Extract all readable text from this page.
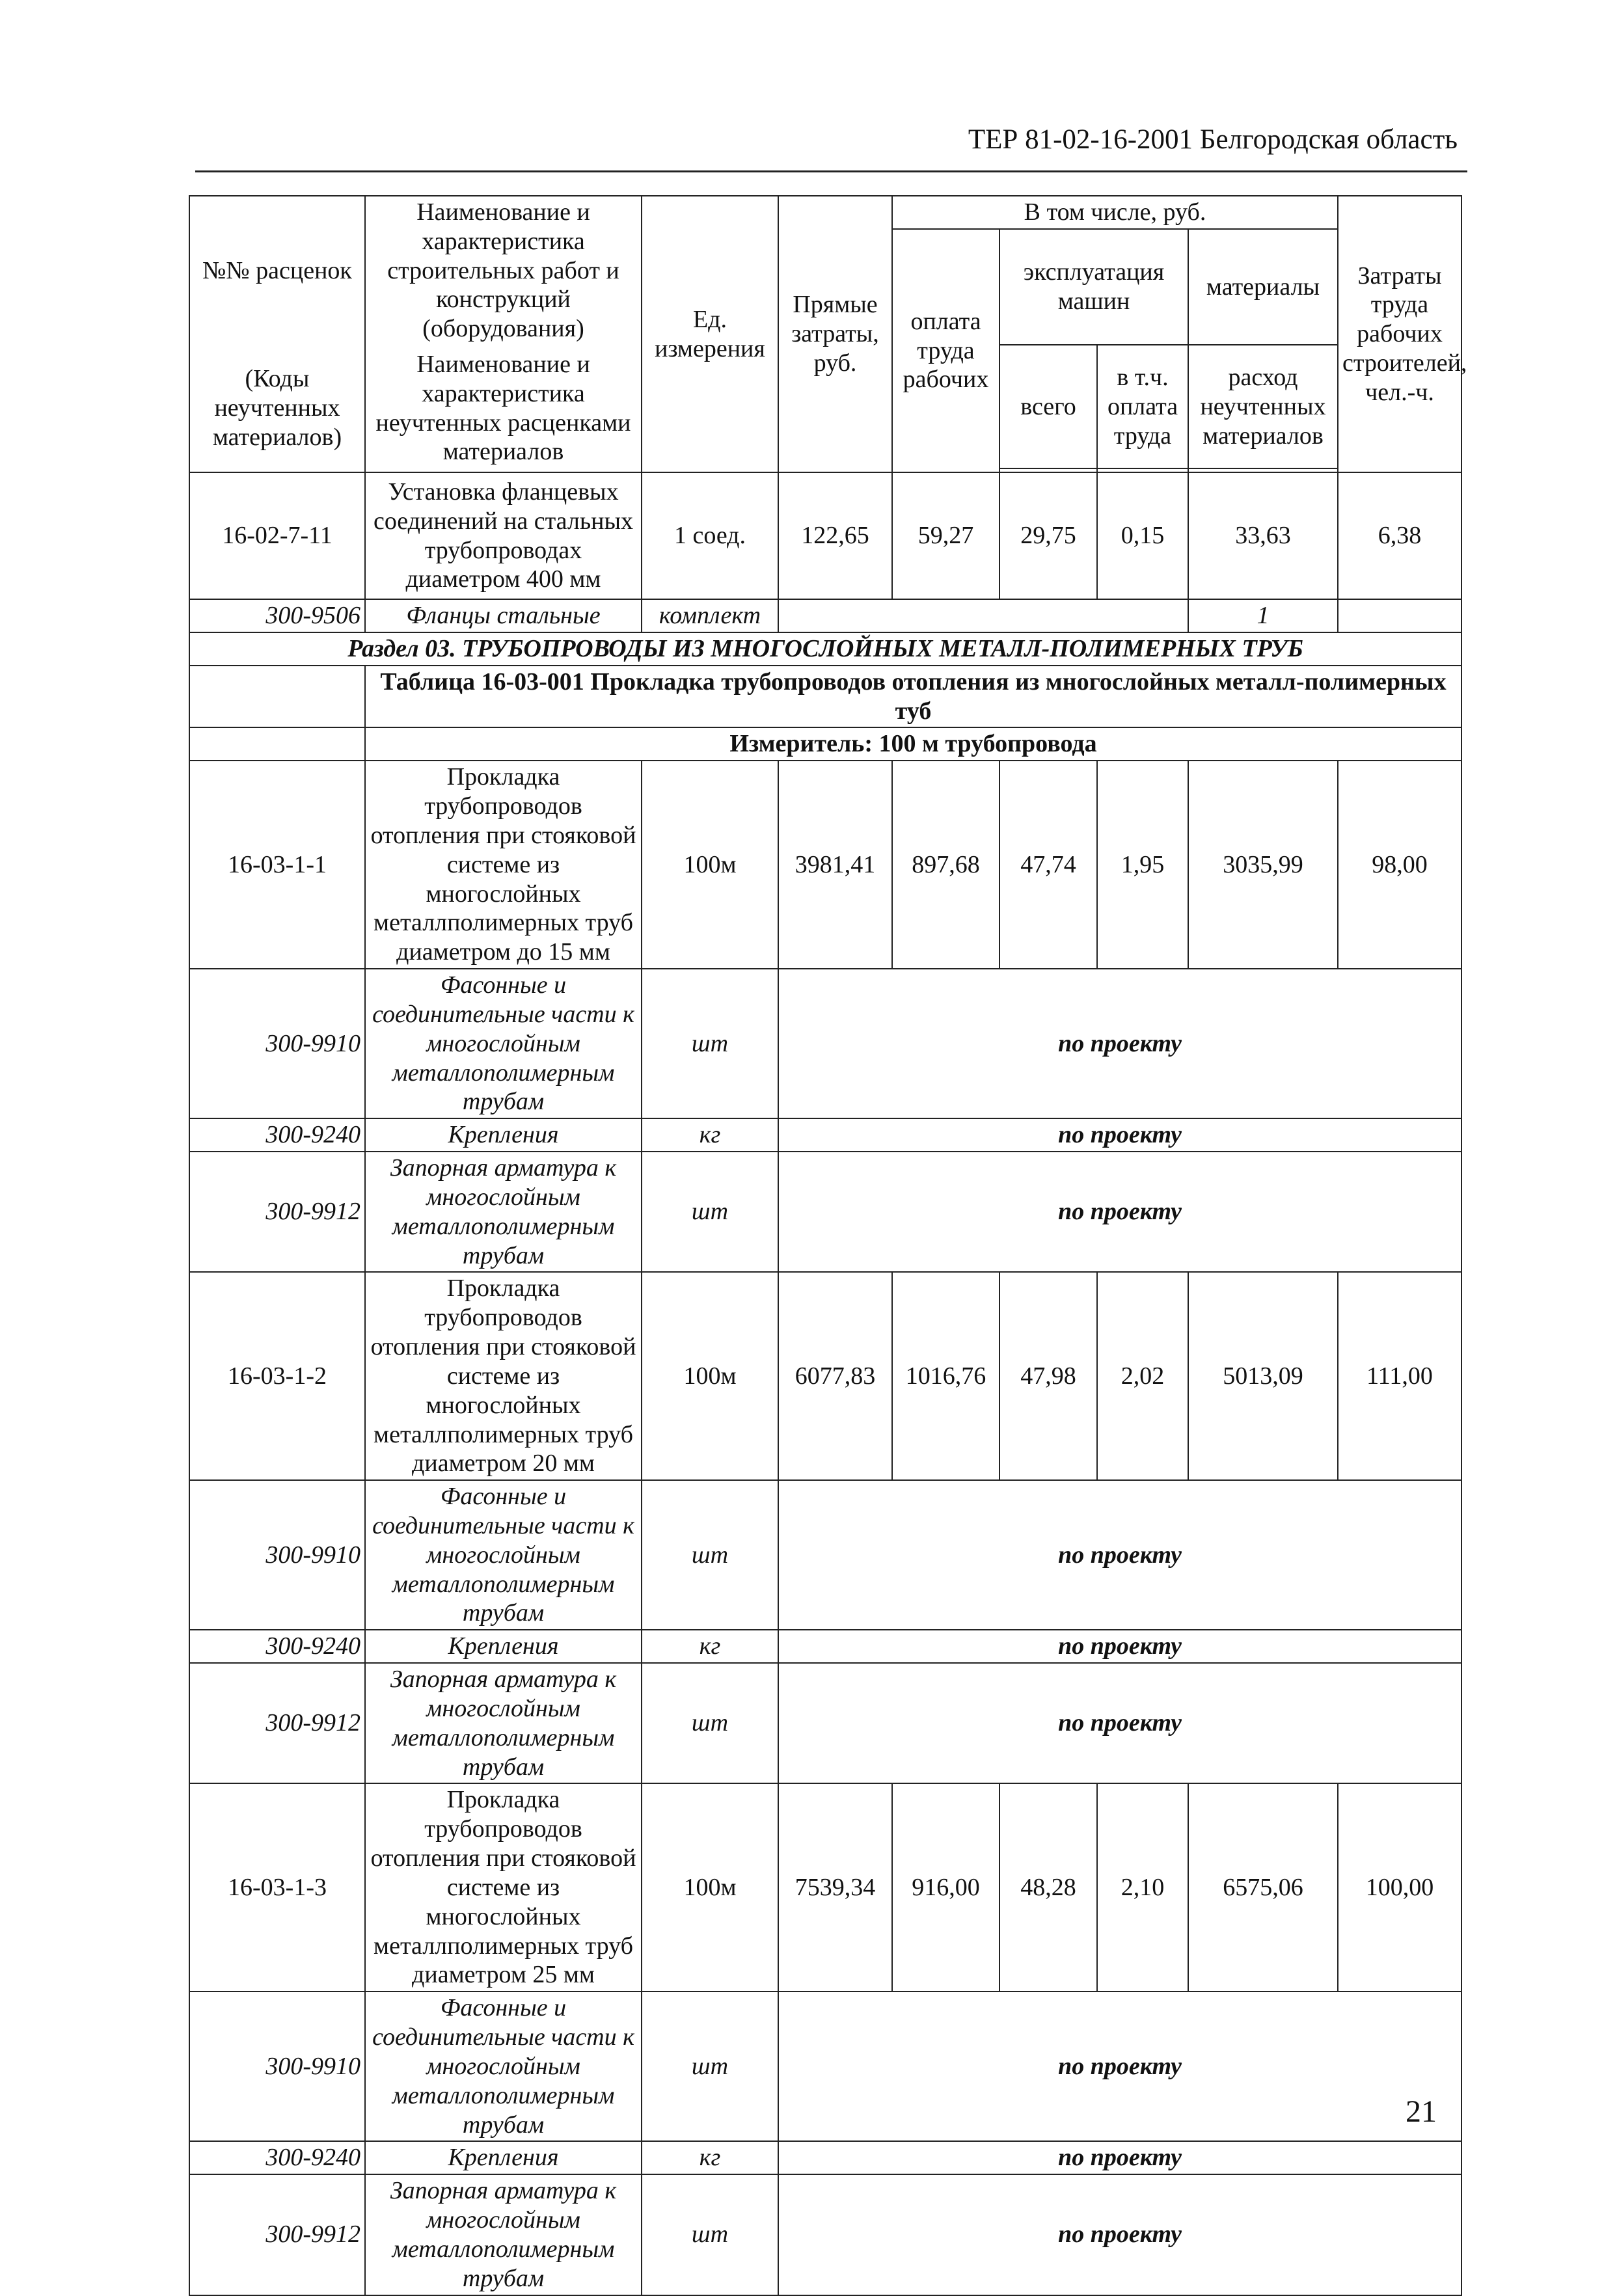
ТЕР 81-02-16-2001 Белгородская область
№№ расценок	Наименование и характеристика строительных работ и конструкций (оборудования)	Ед. измерения	Прямые затраты, руб.	В том числе, руб.				Затраты труда рабочих строителей, чел.-ч.
				оплата труда рабочих	эксплуатация машин		материалы	
(Коды неучтенных материалов)	Наименование и характеристика неучтенных расценками материалов				всего	в т.ч. оплата труда	расход неучтенных материалов	

16-02-7-11	Установка фланцевых соединений на стальных трубопроводах диаметром 400 мм	1 соед.	122,65	59,27	29,75	0,15	33,63	6,38
300-9506	Фланцы стальные	комплект					1	
Раздел 03. ТРУБОПРОВОДЫ ИЗ МНОГОСЛОЙНЫХ МЕТАЛЛ-ПОЛИМЕРНЫХ ТРУБ								
	Таблица 16-03-001 Прокладка трубопроводов отопления из многослойных металл-полимерных туб							
	Измеритель: 100 м трубопровода							
16-03-1-1	Прокладка трубопроводов отопления при стояковой системе из многослойных металлполимерных труб диаметром до 15 мм	100м	3981,41	897,68	47,74	1,95	3035,99	98,00
300-9910	Фасонные и соединительные части к многослойным металлополимерным трубам	шт	по проекту					
300-9240	Крепления	кг	по проекту					
300-9912	Запорная арматура к многослойным металлополимерным трубам	шт	по проекту					
16-03-1-2	Прокладка трубопроводов отопления при стояковой системе из многослойных металлполимерных труб диаметром 20 мм	100м	6077,83	1016,76	47,98	2,02	5013,09	111,00
300-9910	Фасонные и соединительные части к многослойным металлополимерным трубам	шт	по проекту					
300-9240	Крепления	кг	по проекту					
300-9912	Запорная арматура к многослойным металлополимерным трубам	шт	по проекту					
16-03-1-3	Прокладка трубопроводов отопления при стояковой системе из многослойных металлполимерных труб диаметром 25 мм	100м	7539,34	916,00	48,28	2,10	6575,06	100,00
300-9910	Фасонные и соединительные части к многослойным металлополимерным трубам	шт	по проекту					
300-9240	Крепления	кг	по проекту					
300-9912	Запорная арматура к многослойным металлополимерным трубам	шт	по проекту					
21
